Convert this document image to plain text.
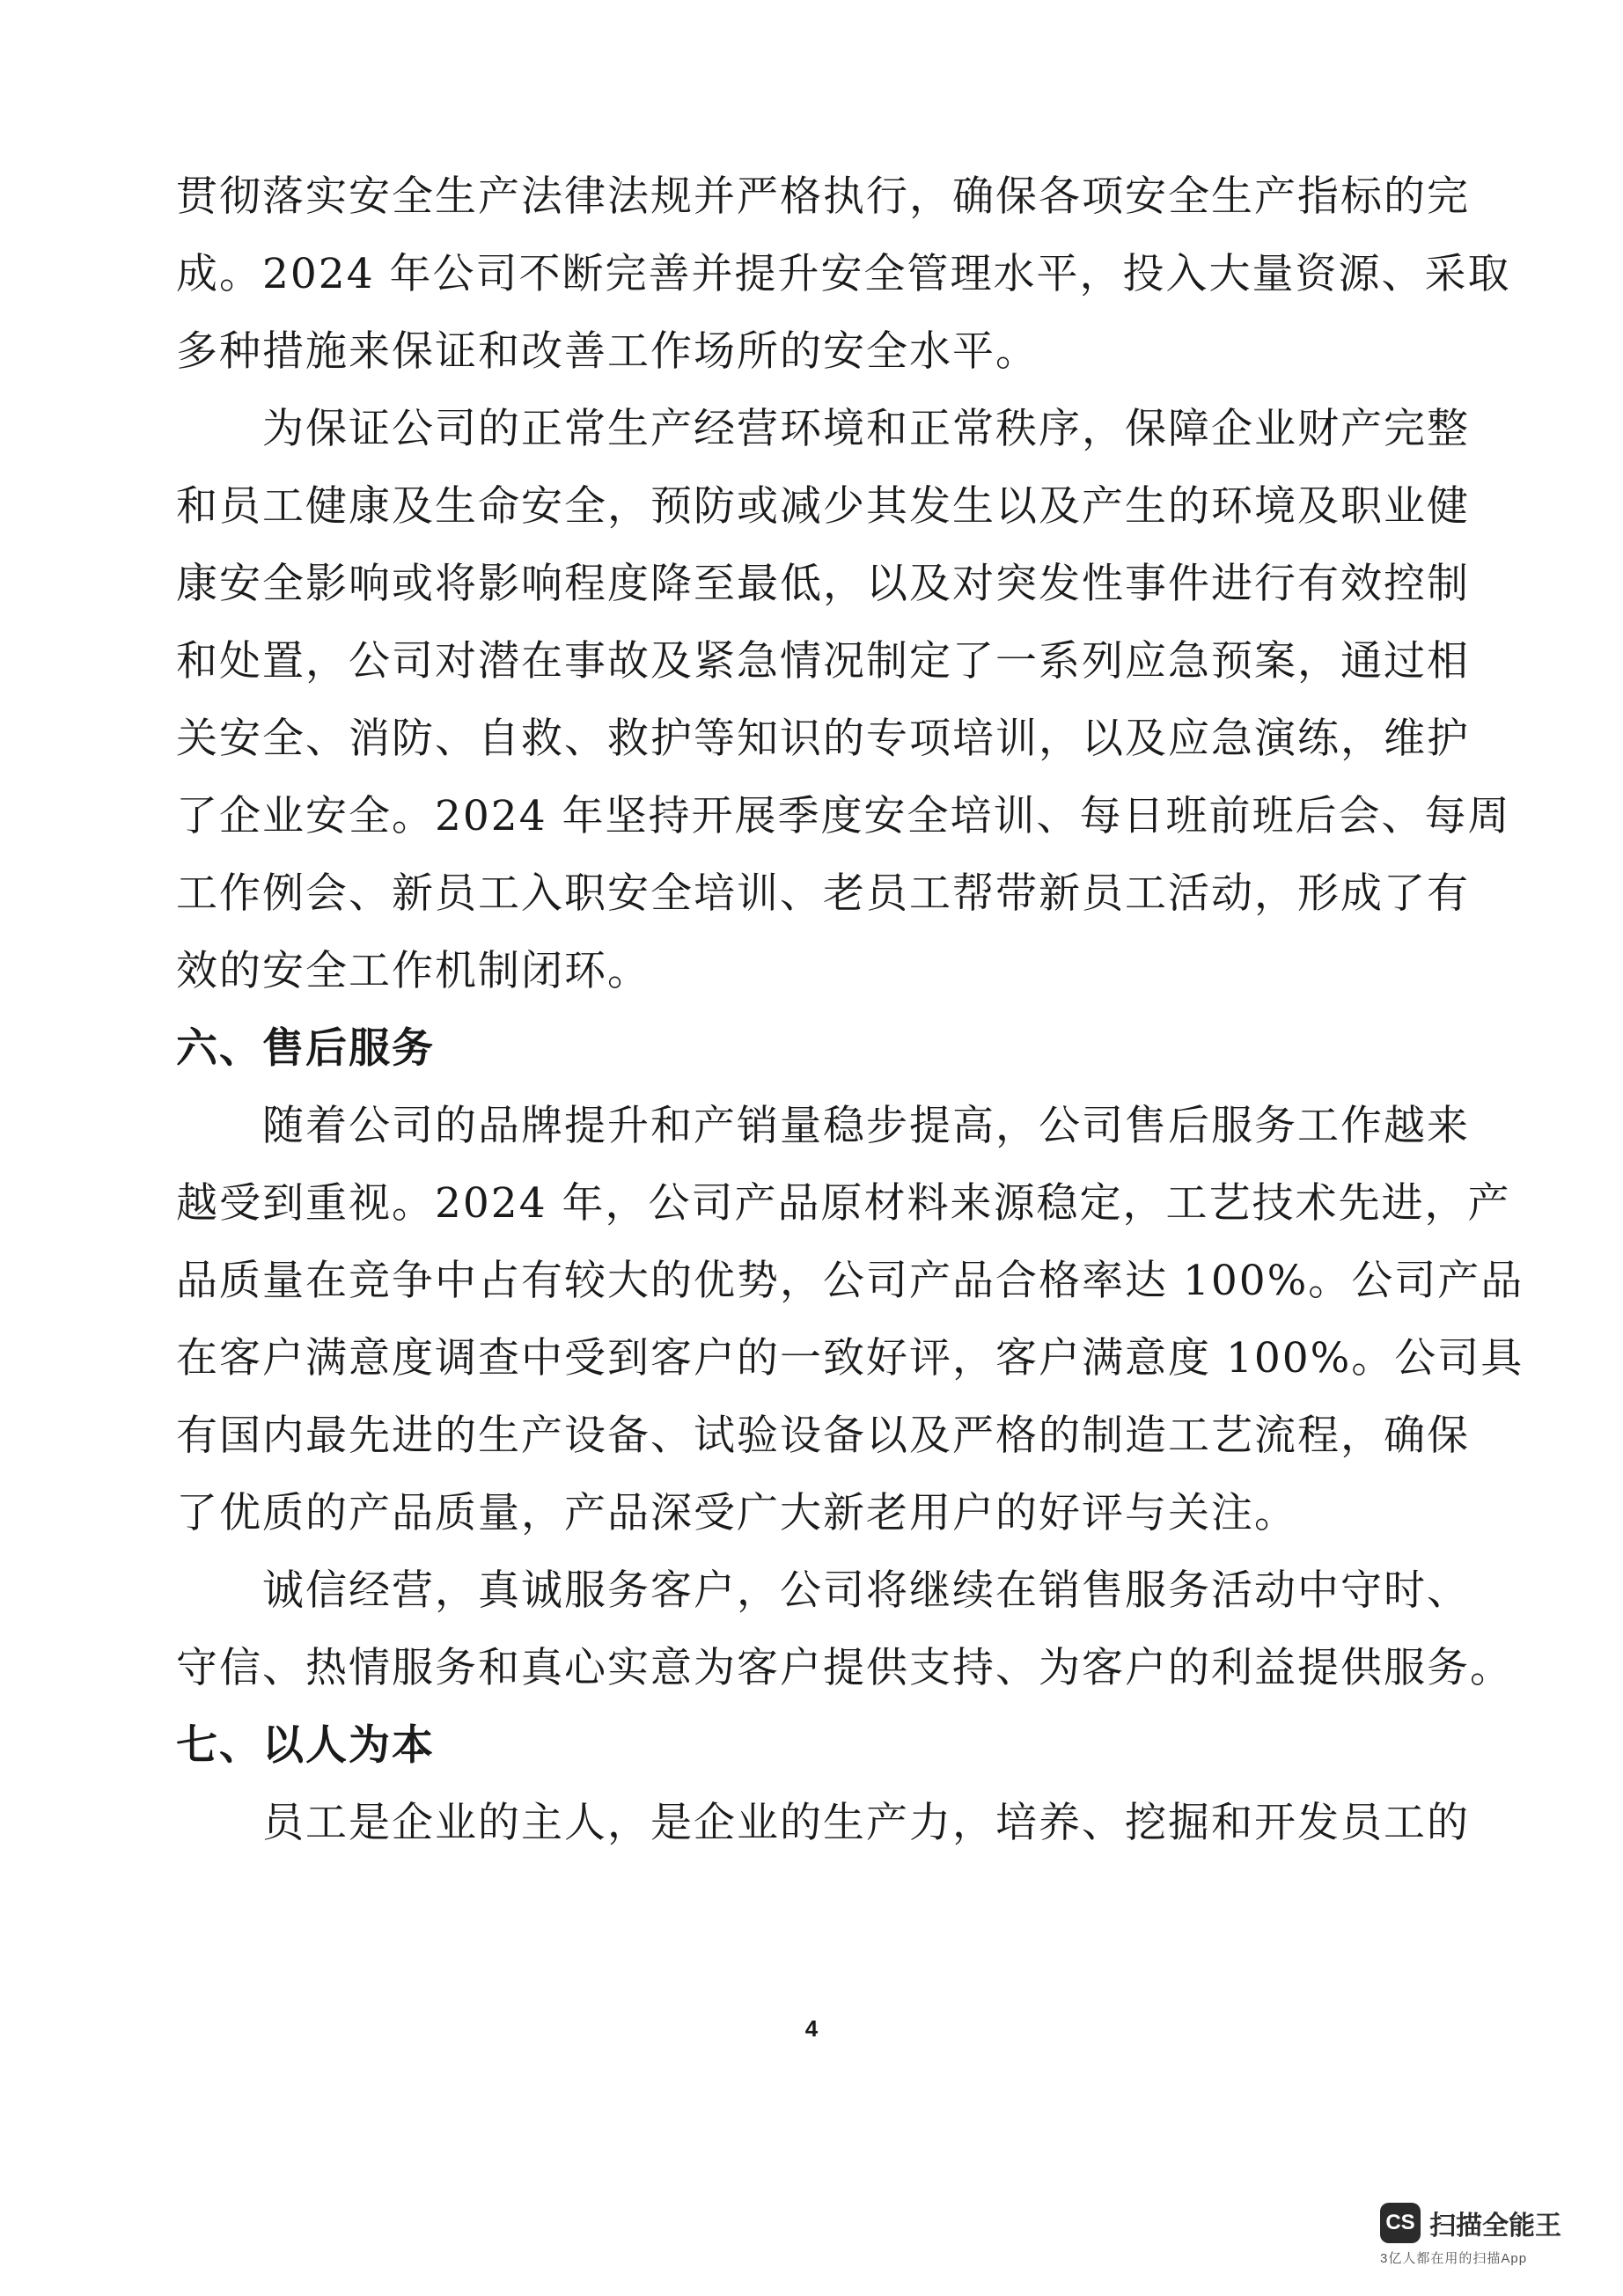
贯彻落实安全生产法律法规并严格执行，确保各项安全生产指标的完
成。2024 年公司不断完善并提升安全管理水平，投入大量资源、采取
多种措施来保证和改善工作场所的安全水平。
为保证公司的正常生产经营环境和正常秩序，保障企业财产完整
和员工健康及生命安全，预防或减少其发生以及产生的环境及职业健
康安全影响或将影响程度降至最低，以及对突发性事件进行有效控制
和处置，公司对潜在事故及紧急情况制定了一系列应急预案，通过相
关安全、消防、自救、救护等知识的专项培训，以及应急演练，维护
了企业安全。2024 年坚持开展季度安全培训、每日班前班后会、每周
工作例会、新员工入职安全培训、老员工帮带新员工活动，形成了有
效的安全工作机制闭环。
六、售后服务
随着公司的品牌提升和产销量稳步提高，公司售后服务工作越来
越受到重视。2024 年，公司产品原材料来源稳定，工艺技术先进，产
品质量在竞争中占有较大的优势，公司产品合格率达 100%。公司产品
在客户满意度调查中受到客户的一致好评，客户满意度 100%。公司具
有国内最先进的生产设备、试验设备以及严格的制造工艺流程，确保
了优质的产品质量，产品深受广大新老用户的好评与关注。
诚信经营，真诚服务客户，公司将继续在销售服务活动中守时、
守信、热情服务和真心实意为客户提供支持、为客户的利益提供服务。
七、以人为本
员工是企业的主人，是企业的生产力，培养、挖掘和开发员工的
4
CS 扫描全能王
3亿人都在用的扫描App
